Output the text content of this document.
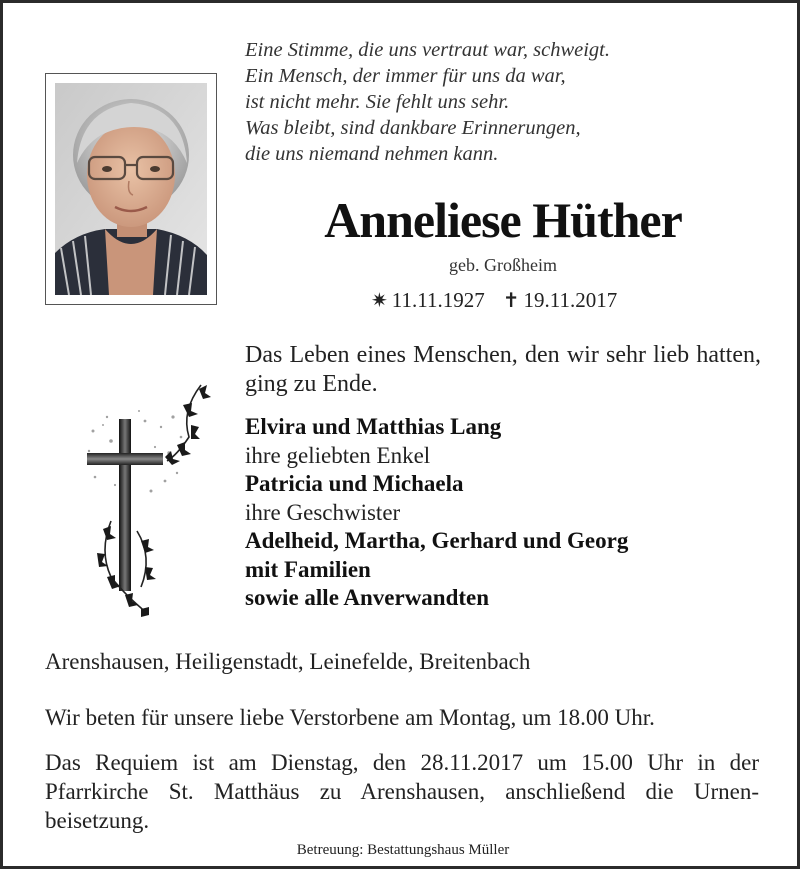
Eine Stimme, die uns vertraut war, schweigt.
Ein Mensch, der immer für uns da war,
ist nicht mehr. Sie fehlt uns sehr.
Was bleibt, sind dankbare Erinnerungen,
die uns niemand nehmen kann.
Anneliese Hüther
geb. Großheim
✷ 11.11.1927 ✝ 19.11.2017
Das Leben eines Menschen, den wir sehr lieb hatten, ging zu Ende.
Elvira und Matthias Lang
ihre geliebten Enkel
Patricia und Michaela
ihre Geschwister
Adelheid, Martha, Gerhard und Georg
mit Familien
sowie alle Anverwandten
Arenshausen, Heiligenstadt, Leinefelde, Breitenbach
Wir beten für unsere liebe Verstorbene am Montag, um 18.00 Uhr.
Das Requiem ist am Dienstag, den 28.11.2017 um 15.00 Uhr in der
Pfarrkirche St. Matthäus zu Arenshausen, anschließend die Urnen-
beisetzung.
Betreuung: Bestattungshaus Müller
